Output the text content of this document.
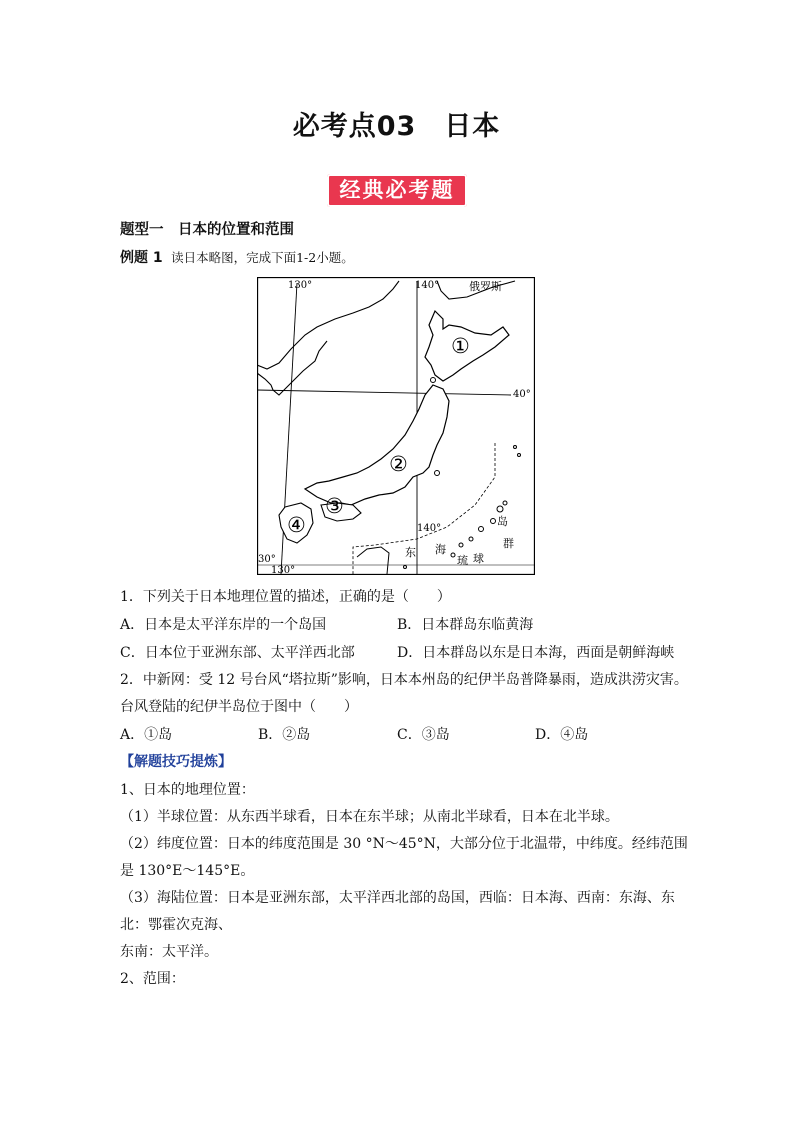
必考点03　日本
经典必考题
题型一　日本的位置和范围
例题 1 读日本略图，完成下面1-2小题。
130°	140°
40°
30°
130°
140°
俄罗斯
东 海
琉 球
岛
群
①
②
③
④
1．下列关于日本地理位置的描述，正确的是（　　）
A．日本是太平洋东岸的一个岛国	B．日本群岛东临黄海
C．日本位于亚洲东部、太平洋西北部	D．日本群岛以东是日本海，西面是朝鲜海峡
2．中新网：受 12 号台风“塔拉斯”影响，日本本州岛的纪伊半岛普降暴雨，造成洪涝灾害。
台风登陆的纪伊半岛位于图中（　　）
A．①岛	B．②岛	C．③岛	D．④岛
【解题技巧提炼】
1、日本的地理位置：
（1）半球位置：从东西半球看，日本在东半球；从南北半球看，日本在北半球。
（2）纬度位置：日本的纬度范围是 30 °N～45°N，大部分位于北温带，中纬度。经纬范围
是 130°E～145°E。
（3）海陆位置：日本是亚洲东部，太平洋西北部的岛国，西临：日本海、西南：东海、东
北：鄂霍次克海、
东南：太平洋。
2、范围：
